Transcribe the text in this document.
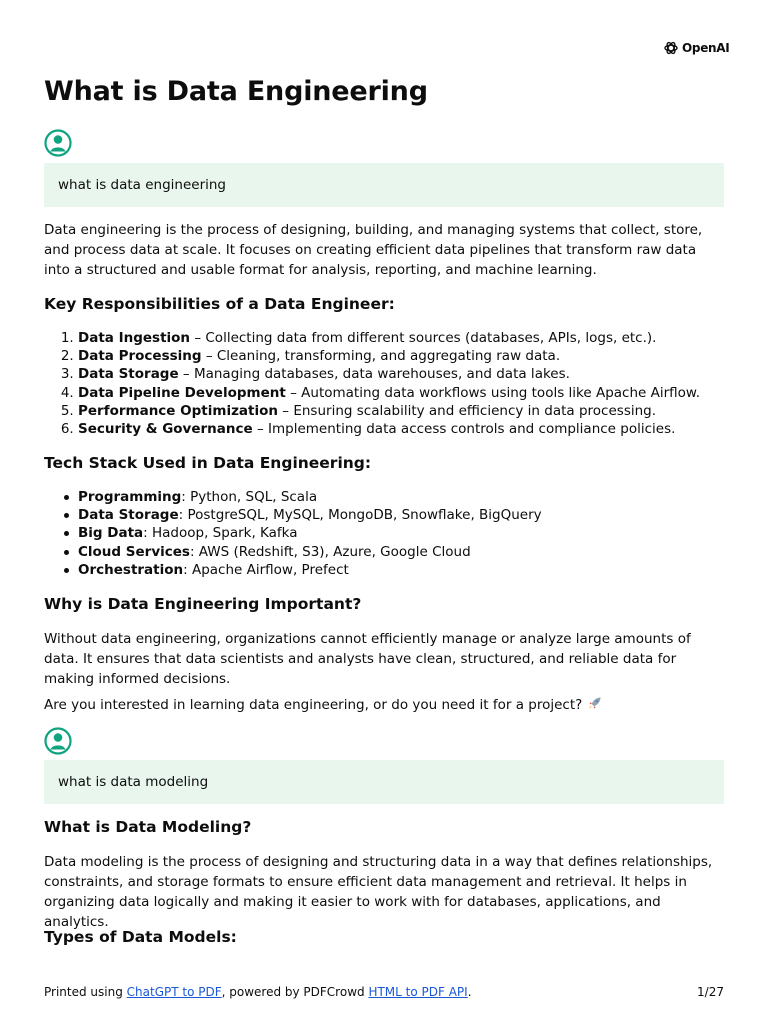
OpenAI
What is Data Engineering
what is data engineering

Data engineering is the process of designing, building, and managing systems that collect, store, and process data at scale. It focuses on creating efficient data pipelines that transform raw data into a structured and usable format for analysis, reporting, and machine learning.

Key Responsibilities of a Data Engineer:
1. Data Ingestion – Collecting data from different sources (databases, APIs, logs, etc.).
2. Data Processing – Cleaning, transforming, and aggregating raw data.
3. Data Storage – Managing databases, data warehouses, and data lakes.
4. Data Pipeline Development – Automating data workflows using tools like Apache Airflow.
5. Performance Optimization – Ensuring scalability and efficiency in data processing.
6. Security & Governance – Implementing data access controls and compliance policies.
Tech Stack Used in Data Engineering:
Programming: Python, SQL, Scala
Data Storage: PostgreSQL, MySQL, MongoDB, Snowflake, BigQuery
Big Data: Hadoop, Spark, Kafka
Cloud Services: AWS (Redshift, S3), Azure, Google Cloud
Orchestration: Apache Airflow, Prefect
Why is Data Engineering Important?

Without data engineering, organizations cannot efficiently manage or analyze large amounts of data. It ensures that data scientists and analysts have clean, structured, and reliable data for making informed decisions.

Are you interested in learning data engineering, or do you need it for a project?

what is data modeling
What is Data Modeling?

Data modeling is the process of designing and structuring data in a way that defines relationships, constraints, and storage formats to ensure efficient data management and retrieval. It helps in organizing data logically and making it easier to work with for databases, applications, and analytics.

Types of Data Models:
Printed using ChatGPT to PDF, powered by PDFCrowd HTML to PDF API.	1/27
